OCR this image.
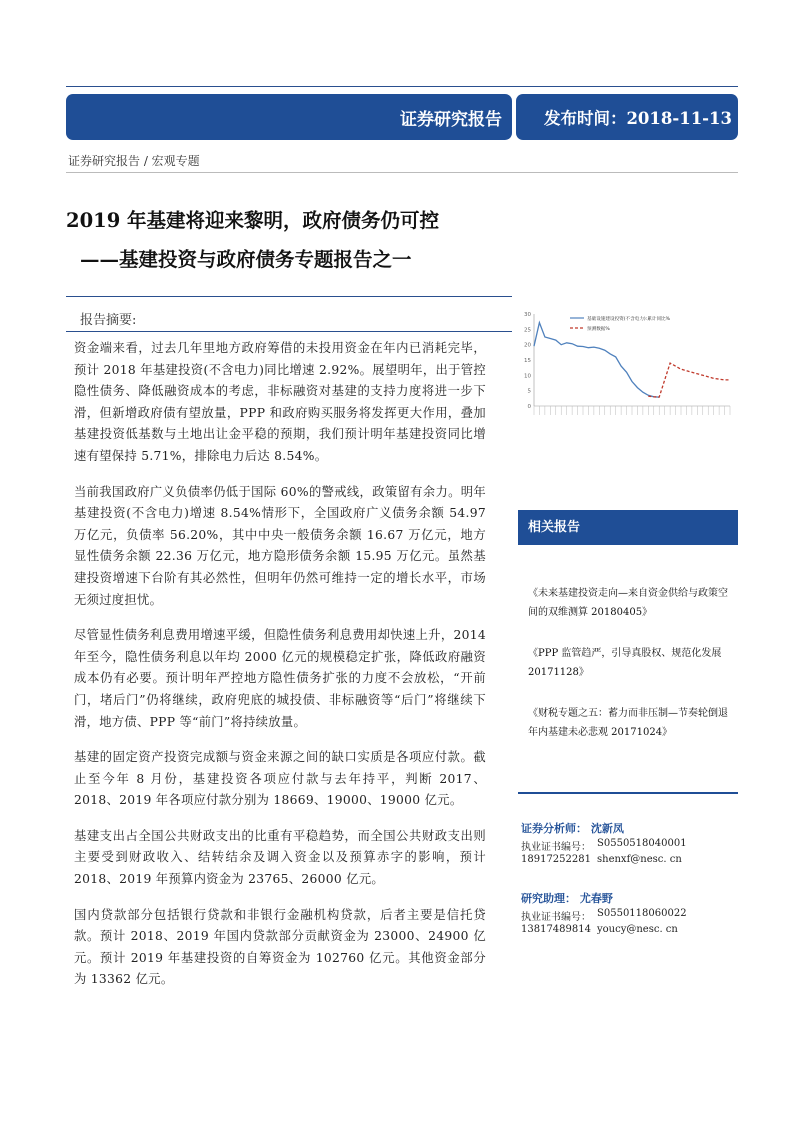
证券研究报告	发布时间：2018-11-13
证券研究报告 / 宏观专题
2019 年基建将迎来黎明，政府债务仍可控
——基建投资与政府债务专题报告之一
报告摘要:

资金端来看，过去几年里地方政府筹借的未投用资金在年内已消耗完毕，预计 2018 年基建投资(不含电力)同比增速 2.92%。展望明年，出于管控隐性债务、降低融资成本的考虑，非标融资对基建的支持力度将进一步下滑，但新增政府债有望放量，PPP 和政府购买服务将发挥更大作用，叠加基建投资低基数与土地出让金平稳的预期，我们预计明年基建投资同比增速有望保持 5.71%，排除电力后达 8.54%。

当前我国政府广义负债率仍低于国际 60%的警戒线，政策留有余力。明年基建投资(不含电力)增速 8.54%情形下，全国政府广义债务余额 54.97 万亿元，负债率 56.20%，其中中央一般债务余额 16.67 万亿元，地方显性债务余额 22.36 万亿元，地方隐形债务余额 15.95 万亿元。虽然基建投资增速下台阶有其必然性，但明年仍然可维持一定的增长水平，市场无须过度担忧。

尽管显性债务利息费用增速平缓，但隐性债务利息费用却快速上升，2014 年至今，隐性债务利息以年均 2000 亿元的规模稳定扩张，降低政府融资成本仍有必要。预计明年严控地方隐性债务扩张的力度不会放松，“开前门，堵后门”仍将继续，政府兜底的城投债、非标融资等“后门”将继续下滑，地方债、PPP 等“前门”将持续放量。

基建的固定资产投资完成额与资金来源之间的缺口实质是各项应付款。截止至今年 8 月份，基建投资各项应付款与去年持平，判断 2017、2018、2019 年各项应付款分别为 18669、19000、19000 亿元。

基建支出占全国公共财政支出的比重有平稳趋势，而全国公共财政支出则主要受到财政收入、结转结余及调入资金以及预算赤字的影响，预计 2018、2019 年预算内资金为 23765、26000 亿元。

国内贷款部分包括银行贷款和非银行金融机构贷款，后者主要是信托贷款。预计 2018、2019 年国内贷款部分贡献资金为 23000、24900 亿元。预计 2019 年基建投资的自筹资金为 102760 亿元。其他资金部分为 13362 亿元。

0
5
10
15
20
25
30
基础设施建设投资(不含电力):累计同比%
预测数据%
相关报告
《未来基建投资走向—来自资金供给与政策空间的双维测算 20180405》
《PPP 监管趋严，引导真股权、规范化发展 20171128》
《财税专题之五：蓄力而非压制—节奏轮倒退年内基建未必悲观 20171024》
证券分析师： 沈新凤
执业证书编号： S0550518040001
18917252281 shenxf@nesc. cn
研究助理： 尤春野
执业证书编号： S0550118060022
13817489814 youcy@nesc. cn
